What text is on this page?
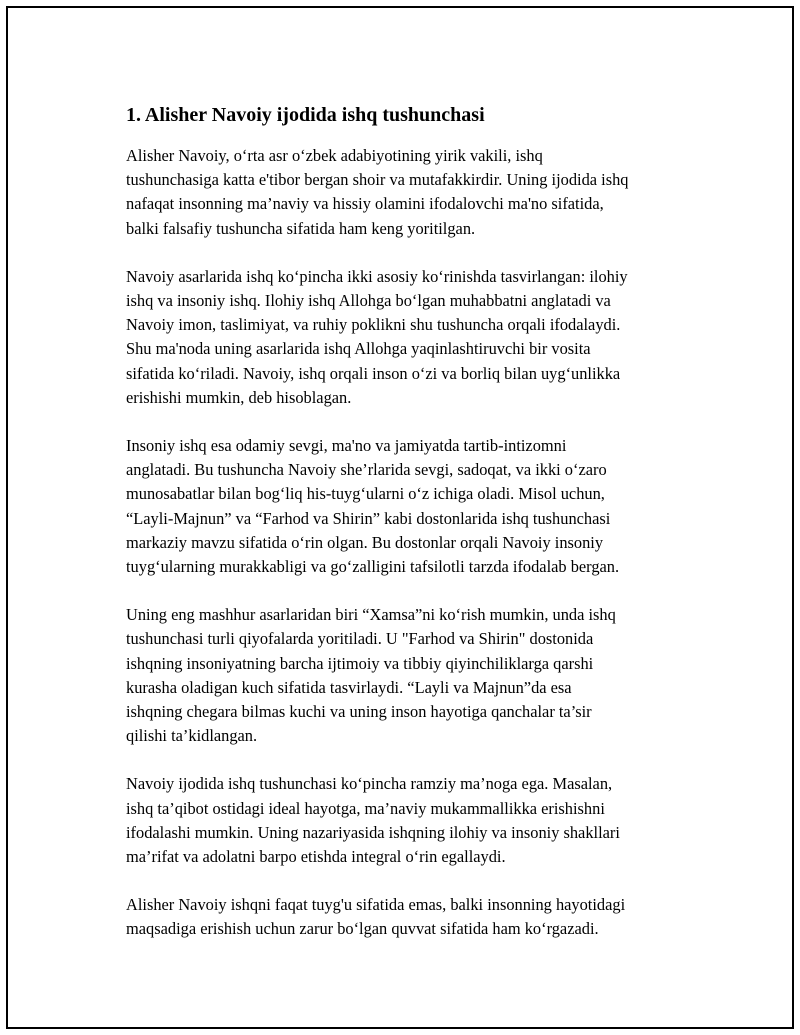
1. Alisher Navoiy ijodida ishq tushunchasi

Alisher Navoiy, o‘rta asr o‘zbek adabiyotining yirik vakili, ishq
tushunchasiga katta e'tibor bergan shoir va mutafakkirdir. Uning ijodida ishq
nafaqat insonning ma’naviy va hissiy olamini ifodalovchi ma'no sifatida,
balki falsafiy tushuncha sifatida ham keng yoritilgan.

Navoiy asarlarida ishq ko‘pincha ikki asosiy ko‘rinishda tasvirlangan: ilohiy
ishq va insoniy ishq. Ilohiy ishq Allohga bo‘lgan muhabbatni anglatadi va
Navoiy imon, taslimiyat, va ruhiy poklikni shu tushuncha orqali ifodalaydi.
Shu ma'noda uning asarlarida ishq Allohga yaqinlashtiruvchi bir vosita
sifatida ko‘riladi. Navoiy, ishq orqali inson o‘zi va borliq bilan uyg‘unlikka
erishishi mumkin, deb hisoblagan.

Insoniy ishq esa odamiy sevgi, ma'no va jamiyatda tartib-intizomni
anglatadi. Bu tushuncha Navoiy she’rlarida sevgi, sadoqat, va ikki o‘zaro
munosabatlar bilan bog‘liq his-tuyg‘ularni o‘z ichiga oladi. Misol uchun,
“Layli-Majnun” va “Farhod va Shirin” kabi dostonlarida ishq tushunchasi
markaziy mavzu sifatida o‘rin olgan. Bu dostonlar orqali Navoiy insoniy
tuyg‘ularning murakkabligi va go‘zalligini tafsilotli tarzda ifodalab bergan.

Uning eng mashhur asarlaridan biri “Xamsa”ni ko‘rish mumkin, unda ishq
tushunchasi turli qiyofalarda yoritiladi. U "Farhod va Shirin" dostonida
ishqning insoniyatning barcha ijtimoiy va tibbiy qiyinchiliklarga qarshi
kurasha oladigan kuch sifatida tasvirlaydi. “Layli va Majnun”da esa
ishqning chegara bilmas kuchi va uning inson hayotiga qanchalar ta’sir
qilishi ta’kidlangan.

Navoiy ijodida ishq tushunchasi ko‘pincha ramziy ma’noga ega. Masalan,
ishq ta’qibot ostidagi ideal hayotga, ma’naviy mukammallikka erishishni
ifodalashi mumkin. Uning nazariyasida ishqning ilohiy va insoniy shakllari
ma’rifat va adolatni barpo etishda integral o‘rin egallaydi.

Alisher Navoiy ishqni faqat tuyg'u sifatida emas, balki insonning hayotidagi
maqsadiga erishish uchun zarur bo‘lgan quvvat sifatida ham ko‘rgazadi.
